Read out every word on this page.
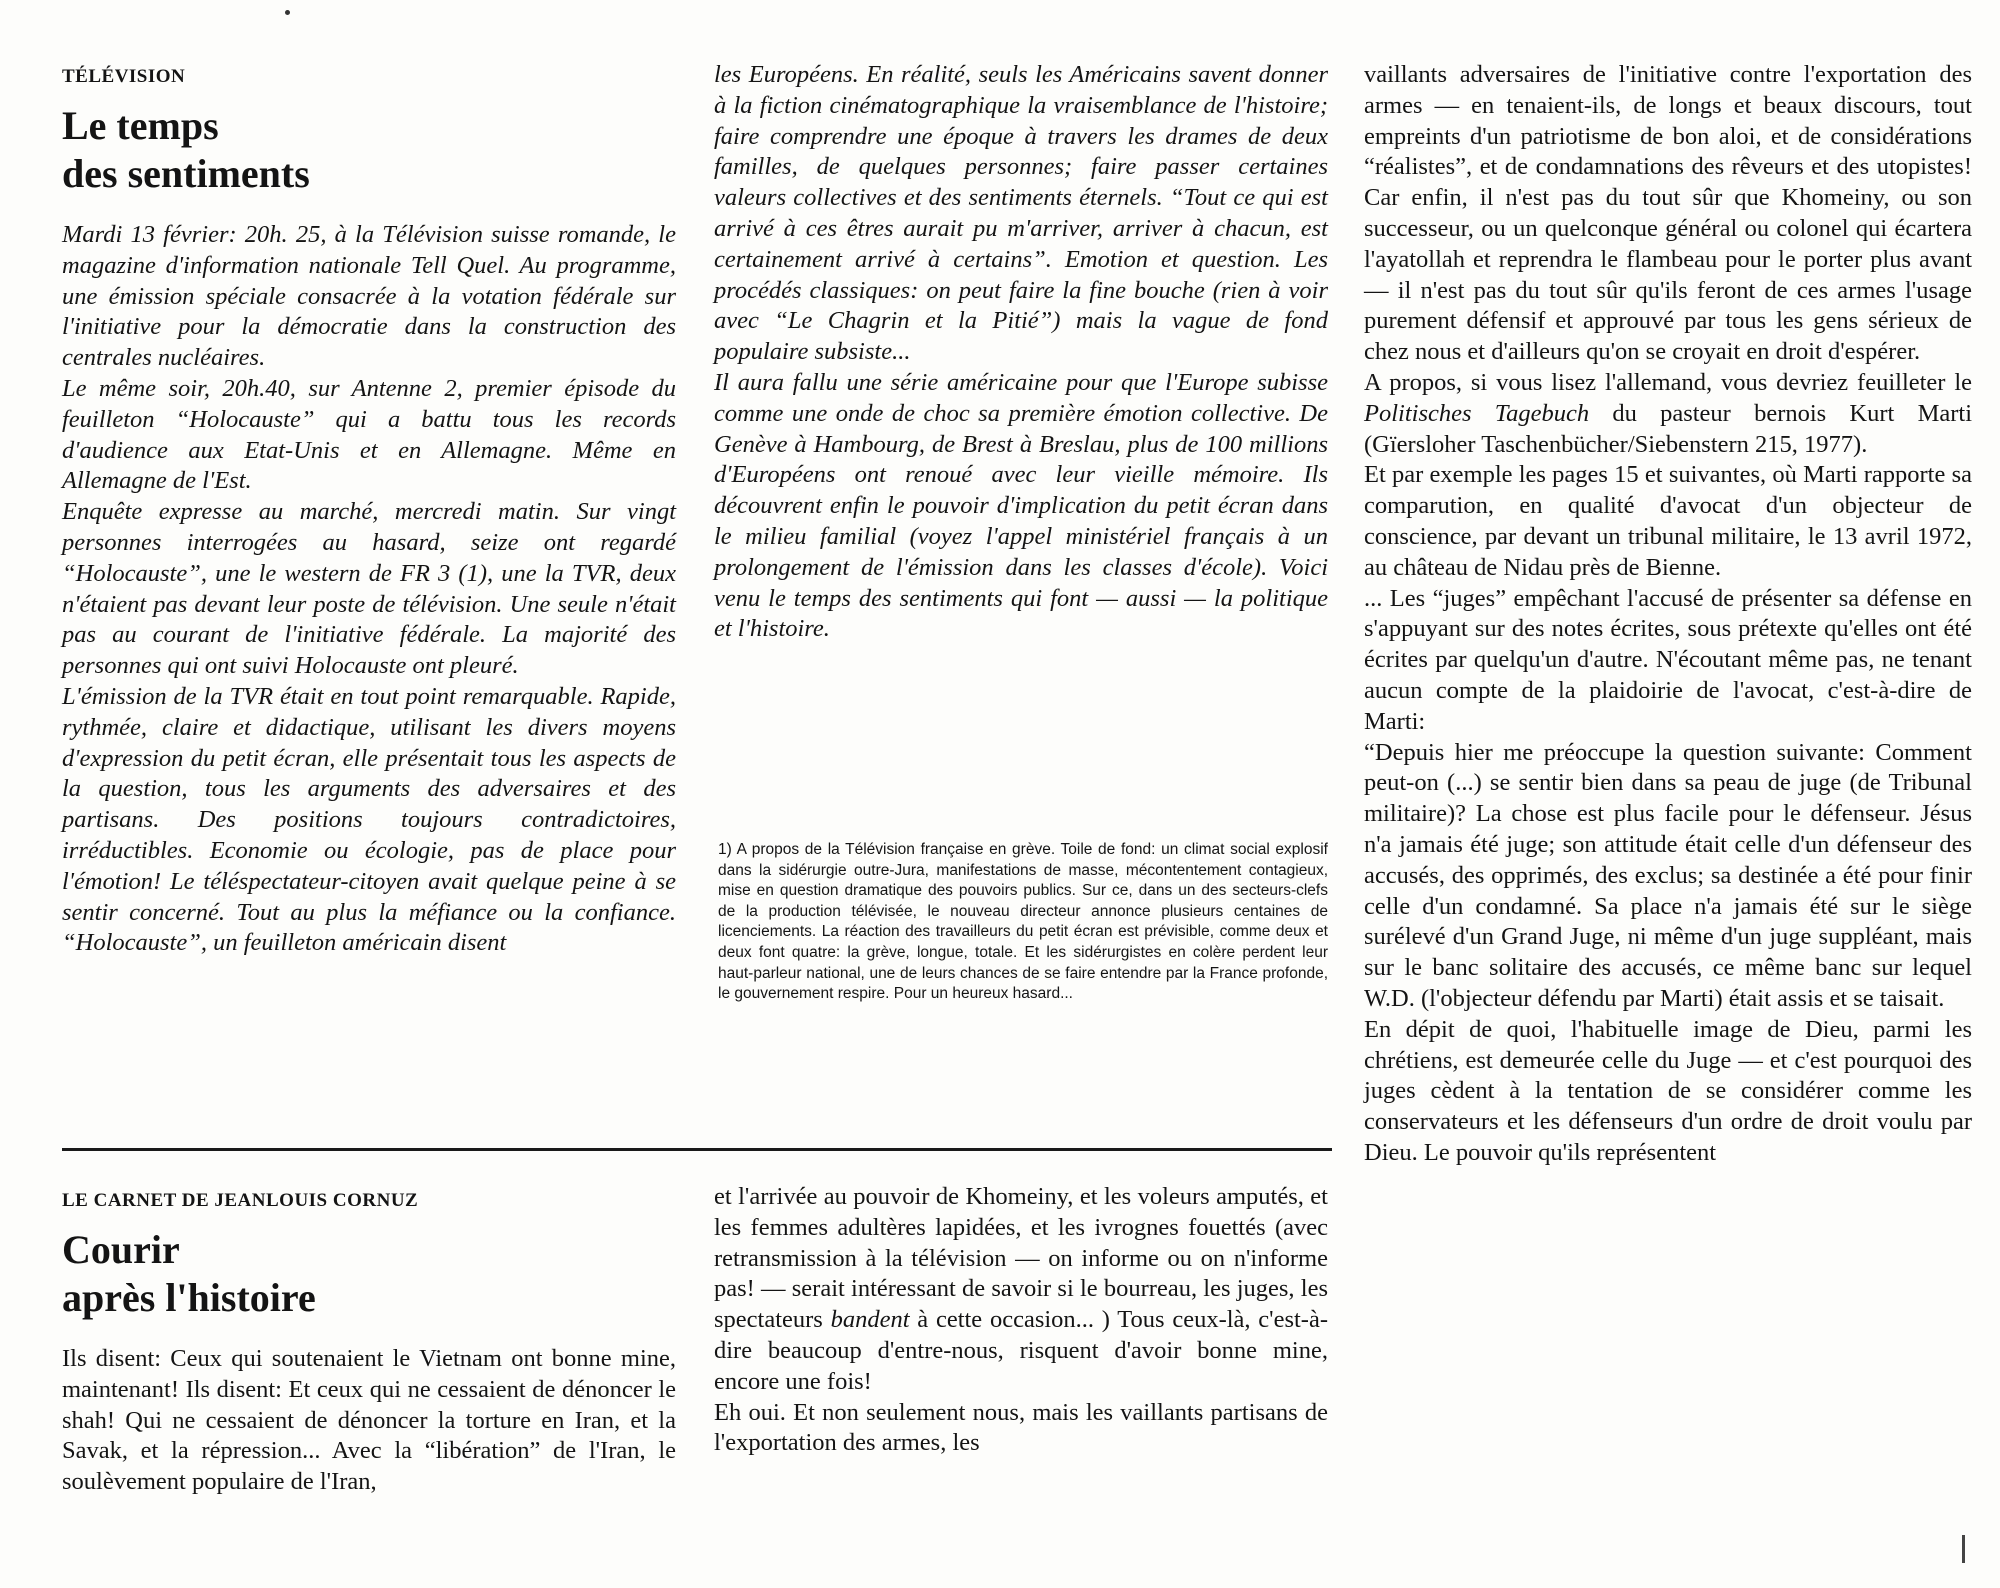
TÉLÉVISION
Le temps
des sentiments

Mardi 13 février: 20h. 25, à la Télévision suisse romande, le magazine d'information nationale Tell Quel. Au programme, une émission spéciale consacrée à la votation fédérale sur l'initiative pour la démocratie dans la construction des centrales nucléaires.

Le même soir, 20h.40, sur Antenne 2, premier épisode du feuilleton “Holocauste” qui a battu tous les records d'audience aux Etat-Unis et en Allemagne. Même en Allemagne de l'Est.

Enquête expresse au marché, mercredi matin. Sur vingt personnes interrogées au hasard, seize ont regardé “Holocauste”, une le western de FR 3 (1), une la TVR, deux n'étaient pas devant leur poste de télévision. Une seule n'était pas au courant de l'initiative fédérale. La majorité des personnes qui ont suivi Holocauste ont pleuré.

L'émission de la TVR était en tout point remarquable. Rapide, rythmée, claire et didactique, utilisant les divers moyens d'expression du petit écran, elle présentait tous les aspects de la question, tous les arguments des adversaires et des partisans. Des positions toujours contradictoires, irréductibles. Economie ou écologie, pas de place pour l'émotion! Le téléspectateur-citoyen avait quelque peine à se sentir concerné. Tout au plus la méfiance ou la confiance. “Holocauste”, un feuilleton américain disent

les Européens. En réalité, seuls les Américains savent donner à la fiction cinématographique la vraisemblance de l'histoire; faire comprendre une époque à travers les drames de deux familles, de quelques personnes; faire passer certaines valeurs collectives et des sentiments éternels. “Tout ce qui est arrivé à ces êtres aurait pu m'arriver, arriver à chacun, est certainement arrivé à certains”. Emotion et question. Les procédés classiques: on peut faire la fine bouche (rien à voir avec “Le Chagrin et la Pitié”) mais la vague de fond populaire subsiste...

Il aura fallu une série américaine pour que l'Europe subisse comme une onde de choc sa première émotion collective. De Genève à Hambourg, de Brest à Breslau, plus de 100 millions d'Européens ont renoué avec leur vieille mémoire. Ils découvrent enfin le pouvoir d'implication du petit écran dans le milieu familial (voyez l'appel ministériel français à un prolongement de l'émission dans les classes d'école). Voici venu le temps des sentiments qui font — aussi — la politique et l'histoire.

1) A propos de la Télévision française en grève. Toile de fond: un climat social explosif dans la sidérurgie outre-Jura, manifestations de masse, mécontentement contagieux, mise en question dramatique des pouvoirs publics. Sur ce, dans un des secteurs-clefs de la production télévisée, le nouveau directeur annonce plusieurs centaines de licenciements. La réaction des travailleurs du petit écran est prévisible, comme deux et deux font quatre: la grève, longue, totale. Et les sidérurgistes en colère perdent leur haut-parleur national, une de leurs chances de se faire entendre par la France profonde, le gouvernement respire. Pour un heureux hasard...

LE CARNET DE JEANLOUIS CORNUZ
Courir
après l'histoire

Ils disent: Ceux qui soutenaient le Vietnam ont bonne mine, maintenant! Ils disent: Et ceux qui ne cessaient de dénoncer le shah! Qui ne cessaient de dénoncer la torture en Iran, et la Savak, et la répression... Avec la “libération” de l'Iran, le soulèvement populaire de l'Iran,

et l'arrivée au pouvoir de Khomeiny, et les voleurs amputés, et les femmes adultères lapidées, et les ivrognes fouettés (avec retransmission à la télévision — on informe ou on n'informe pas! — serait intéressant de savoir si le bourreau, les juges, les spectateurs bandent à cette occasion... ) Tous ceux-là, c'est-à-dire beaucoup d'entre-nous, risquent d'avoir bonne mine, encore une fois!

Eh oui. Et non seulement nous, mais les vaillants partisans de l'exportation des armes, les

vaillants adversaires de l'initiative contre l'exportation des armes — en tenaient-ils, de longs et beaux discours, tout empreints d'un patriotisme de bon aloi, et de considérations “réalistes”, et de condamnations des rêveurs et des utopistes! Car enfin, il n'est pas du tout sûr que Khomeiny, ou son successeur, ou un quelconque général ou colonel qui écartera l'ayatollah et reprendra le flambeau pour le porter plus avant — il n'est pas du tout sûr qu'ils feront de ces armes l'usage purement défensif et approuvé par tous les gens sérieux de chez nous et d'ailleurs qu'on se croyait en droit d'espérer.

A propos, si vous lisez l'allemand, vous devriez feuilleter le Politisches Tagebuch du pasteur bernois Kurt Marti (Gïersloher Taschenbücher/Siebenstern 215, 1977).

Et par exemple les pages 15 et suivantes, où Marti rapporte sa comparution, en qualité d'avocat d'un objecteur de conscience, par devant un tribunal militaire, le 13 avril 1972, au château de Nidau près de Bienne.

... Les “juges” empêchant l'accusé de présenter sa défense en s'appuyant sur des notes écrites, sous prétexte qu'elles ont été écrites par quelqu'un d'autre. N'écoutant même pas, ne tenant aucun compte de la plaidoirie de l'avocat, c'est-à-dire de Marti:

“Depuis hier me préoccupe la question suivante: Comment peut-on (...) se sentir bien dans sa peau de juge (de Tribunal militaire)? La chose est plus facile pour le défenseur. Jésus n'a jamais été juge; son attitude était celle d'un défenseur des accusés, des opprimés, des exclus; sa destinée a été pour finir celle d'un condamné. Sa place n'a jamais été sur le siège surélevé d'un Grand Juge, ni même d'un juge suppléant, mais sur le banc solitaire des accusés, ce même banc sur lequel W.D. (l'objecteur défendu par Marti) était assis et se taisait.

En dépit de quoi, l'habituelle image de Dieu, parmi les chrétiens, est demeurée celle du Juge — et c'est pourquoi des juges cèdent à la tentation de se considérer comme les conservateurs et les défenseurs d'un ordre de droit voulu par Dieu. Le pouvoir qu'ils représentent
